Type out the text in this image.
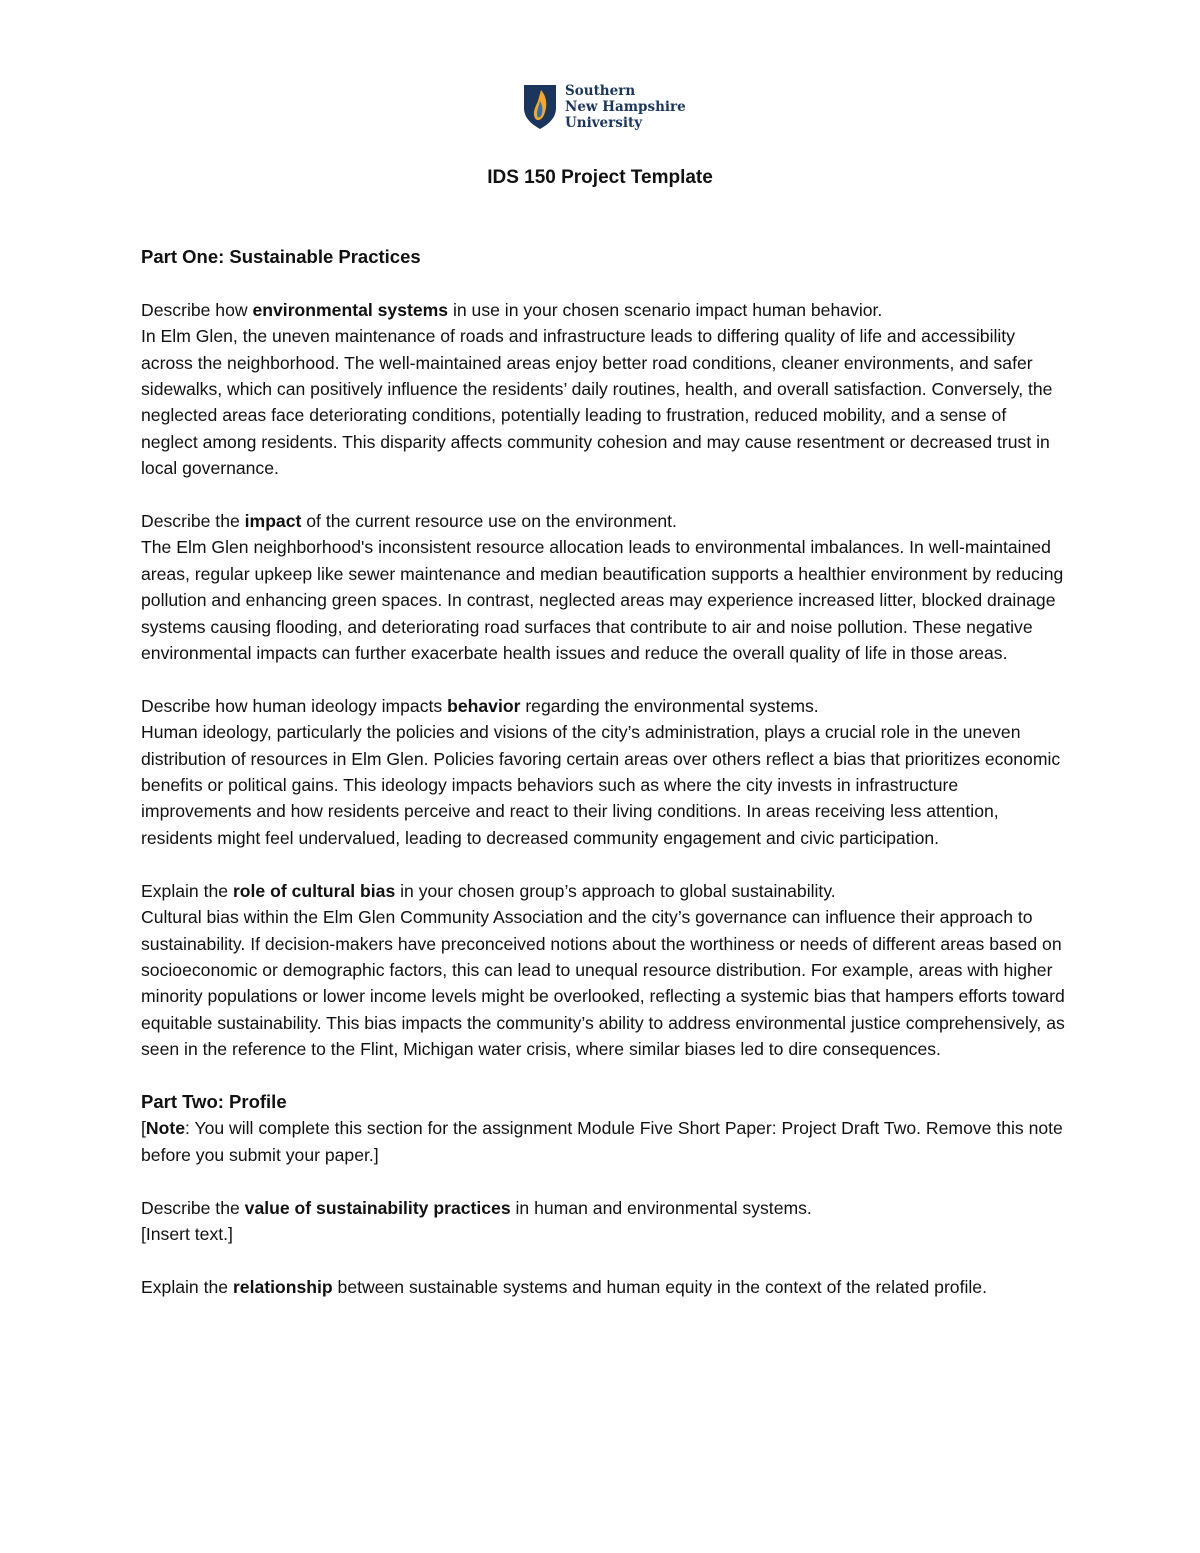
Southern
New Hampshire
University
IDS 150 Project Template

Part One: Sustainable Practices

Describe how environmental systems in use in your chosen scenario impact human behavior.

In Elm Glen, the uneven maintenance of roads and infrastructure leads to differing quality of life and accessibility across the neighborhood. The well-maintained areas enjoy better road conditions, cleaner environments, and safer sidewalks, which can positively influence the residents’ daily routines, health, and overall satisfaction. Conversely, the neglected areas face deteriorating conditions, potentially leading to frustration, reduced mobility, and a sense of neglect among residents. This disparity affects community cohesion and may cause resentment or decreased trust in local governance.

Describe the impact of the current resource use on the environment.

The Elm Glen neighborhood's inconsistent resource allocation leads to environmental imbalances. In well-maintained areas, regular upkeep like sewer maintenance and median beautification supports a healthier environment by reducing pollution and enhancing green spaces. In contrast, neglected areas may experience increased litter, blocked drainage systems causing flooding, and deteriorating road surfaces that contribute to air and noise pollution. These negative environmental impacts can further exacerbate health issues and reduce the overall quality of life in those areas.

Describe how human ideology impacts behavior regarding the environmental systems.

Human ideology, particularly the policies and visions of the city’s administration, plays a crucial role in the uneven distribution of resources in Elm Glen. Policies favoring certain areas over others reflect a bias that prioritizes economic benefits or political gains. This ideology impacts behaviors such as where the city invests in infrastructure improvements and how residents perceive and react to their living conditions. In areas receiving less attention, residents might feel undervalued, leading to decreased community engagement and civic participation.

Explain the role of cultural bias in your chosen group’s approach to global sustainability.

Cultural bias within the Elm Glen Community Association and the city’s governance can influence their approach to sustainability. If decision-makers have preconceived notions about the worthiness or needs of different areas based on socioeconomic or demographic factors, this can lead to unequal resource distribution. For example, areas with higher minority populations or lower income levels might be overlooked, reflecting a systemic bias that hampers efforts toward equitable sustainability. This bias impacts the community’s ability to address environmental justice comprehensively, as seen in the reference to the Flint, Michigan water crisis, where similar biases led to dire consequences.

Part Two: Profile

[Note: You will complete this section for the assignment Module Five Short Paper: Project Draft Two. Remove this note before you submit your paper.]

Describe the value of sustainability practices in human and environmental systems.

[Insert text.]

Explain the relationship between sustainable systems and human equity in the context of the related profile.
